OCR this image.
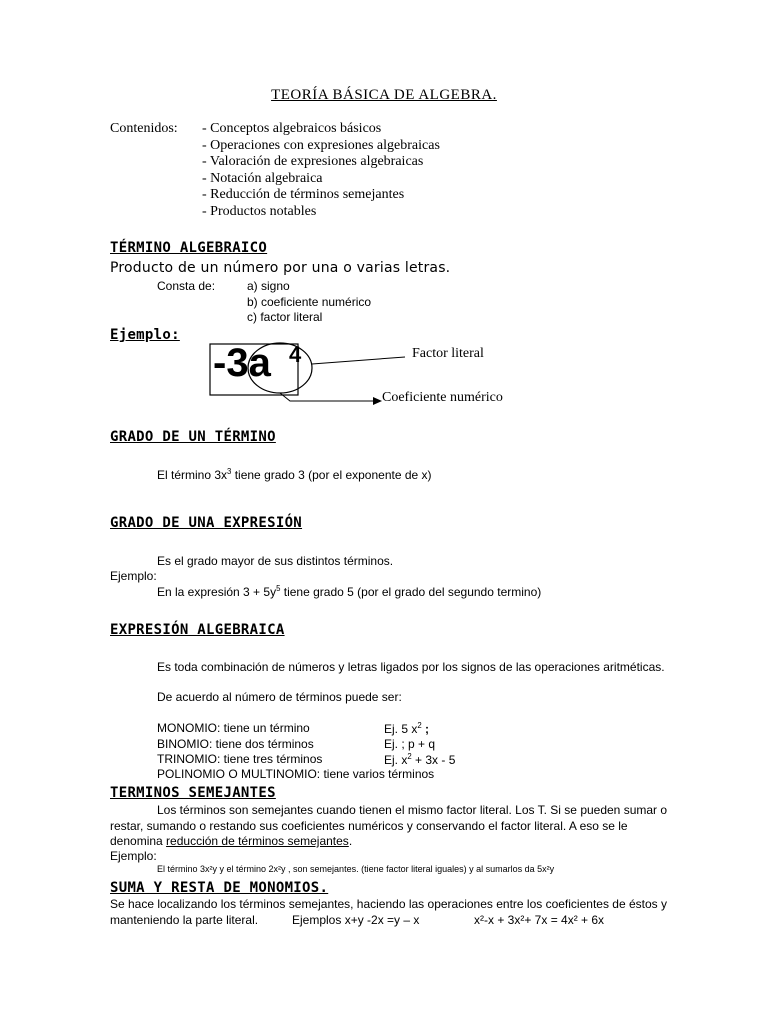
TEORÍA BÁSICA DE ALGEBRA.
Contenidos: - Conceptos algebraicos básicos
- Operaciones con expresiones algebraicas
- Valoración de expresiones algebraicas
- Notación algebraica
- Reducción de términos semejantes
- Productos notables
TÉRMINO ALGEBRAICO
Producto de un número por una o varias letras.
Consta de:	a) signo
b) coeficiente numérico
c) factor literal
Ejemplo:
-3a 4	Factor literal
Coeficiente numérico
GRADO DE UN TÉRMINO
El término $3x^3$ tiene grado 3 (por el exponente de x)
GRADO DE UNA EXPRESIÓN
Es el grado mayor de sus distintos términos.
Ejemplo:
En la expresión $3 + 5y^5$ tiene grado 5 (por el grado del segundo termino)
EXPRESIÓN ALGEBRAICA
Es toda combinación de números y letras ligados por los signos de las operaciones aritméticas.
De acuerdo al número de términos puede ser:
MONOMIO: tiene un término	Ej. 5 $x^2$ ;
BINOMIO: tiene dos términos	Ej. ; p + q
TRINOMIO: tiene tres términos	Ej. $x^2 + 3x - 5$
POLINOMIO O MULTINOMIO: tiene varios términos
TERMINOS SEMEJANTES
Los términos son semejantes cuando tienen el mismo factor literal. Los T. Si se pueden sumar o
restar, sumando o restando sus coeficientes numéricos y conservando el factor literal. A eso se le
denomina reducción de términos semejantes.
Ejemplo:
El término 3x²y y el término 2x²y , son semejantes. (tiene factor literal iguales) y al sumarlos da 5x²y
SUMA Y RESTA DE MONOMIOS.
Se hace localizando los términos semejantes, haciendo las operaciones entre los coeficientes de éstos y
manteniendo la parte literal.	Ejemplos x+y -2x =y – x	x²-x + 3x²+ 7x = 4x² + 6x
